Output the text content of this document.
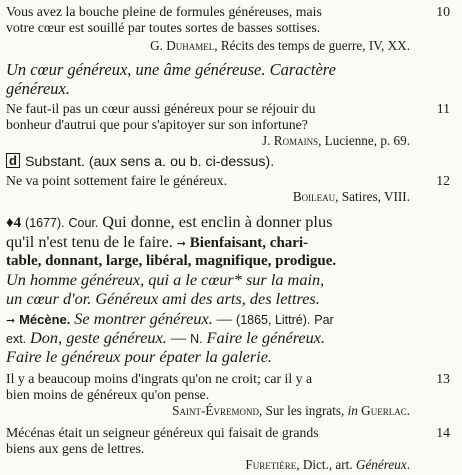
Vous avez la bouche pleine de formules généreuses, mais
votre cœur est souillé par toutes sortes de basses sottises.
10
G. Duhamel, Récits des temps de guerre, IV, XX.
Un cœur généreux, une âme généreuse. Caractère
généreux.
Ne faut-il pas un cœur aussi généreux pour se réjouir du
bonheur d'autrui que pour s'apitoyer sur son infortune?
11
J. Romains, Lucienne, p. 69.
d Substant. (aux sens a. ou b. ci-dessus).
Ne va point sottement faire le généreux.	12
Boileau, Satires, VIII.
♦4 (1677). Cour. Qui donne, est enclin à donner plus
qu'il n'est tenu de le faire. ➞ Bienfaisant, chari-
table, donnant, large, libéral, magnifique, prodigue.
Un homme généreux, qui a le cœur* sur la main,
un cœur d'or. Généreux ami des arts, des lettres.
➞ Mécène. Se montrer généreux. — (1865, Littré). Par
ext. Don, geste généreux. — N. Faire le généreux.
Faire le généreux pour épater la galerie.
Il y a beaucoup moins d'ingrats qu'on ne croit; car il y a
bien moins de généreux qu'on pense.
13
Saint-Évremond, Sur les ingrats, in Guerlac.
Mécénas était un seigneur généreux qui faisait de grands
biens aux gens de lettres.
14
Furetière, Dict., art. Généreux.
